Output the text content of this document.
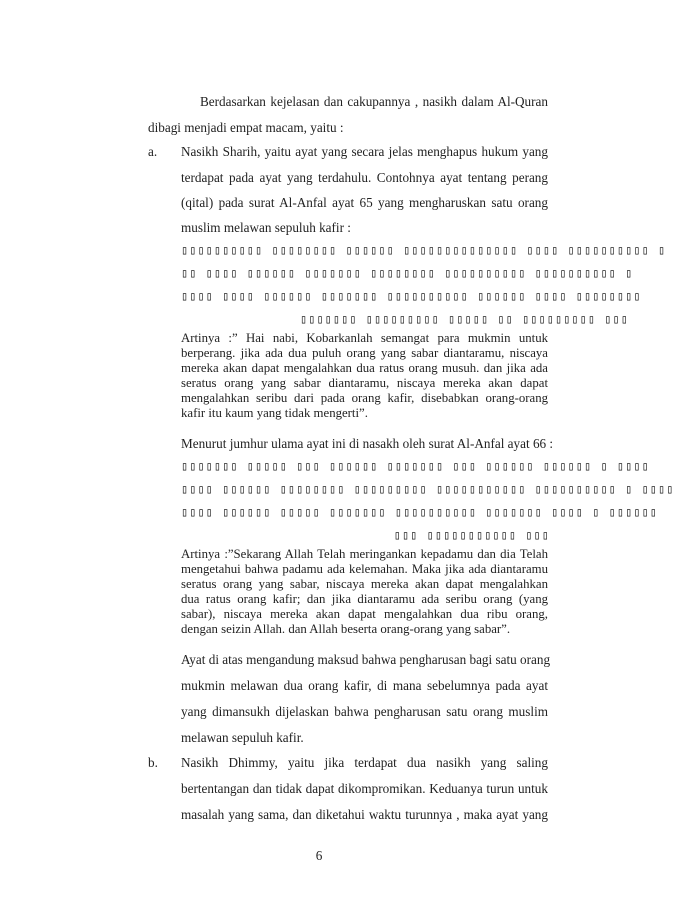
Berdasarkan kejelasan dan cakupannya , nasikh dalam Al-Quran
dibagi menjadi empat macam, yaitu :
a. Nasikh Sharih, yaitu ayat yang secara jelas menghapus hukum yang
terdapat pada ayat yang terdahulu. Contohnya ayat tentang perang
(qital) pada surat Al-Anfal ayat 65 yang mengharuskan satu orang
muslim melawan sepuluh kafir :
▯▯▯▯▯▯▯▯▯▯ ▯▯▯▯▯▯▯▯ ▯▯▯▯▯▯ ▯▯▯▯▯▯▯▯▯▯▯▯▯▯ ▯▯▯▯ ▯▯▯▯▯▯▯▯▯▯ ▯
▯▯ ▯▯▯▯ ▯▯▯▯▯▯ ▯▯▯▯▯▯▯ ▯▯▯▯▯▯▯▯ ▯▯▯▯▯▯▯▯▯▯ ▯▯▯▯▯▯▯▯▯▯ ▯
▯▯▯▯ ▯▯▯▯ ▯▯▯▯▯▯ ▯▯▯▯▯▯▯ ▯▯▯▯▯▯▯▯▯▯ ▯▯▯▯▯▯ ▯▯▯▯ ▯▯▯▯▯▯▯▯
▯▯▯▯▯▯▯ ▯▯▯▯▯▯▯▯▯ ▯▯▯▯▯ ▯▯ ▯▯▯▯▯▯▯▯▯ ▯▯▯
Artinya :” Hai nabi, Kobarkanlah semangat para mukmin untuk
berperang. jika ada dua puluh orang yang sabar diantaramu, niscaya
mereka akan dapat mengalahkan dua ratus orang musuh. dan jika ada
seratus orang yang sabar diantaramu, niscaya mereka akan dapat
mengalahkan seribu dari pada orang kafir, disebabkan orang-orang
kafir itu kaum yang tidak mengerti”.
Menurut jumhur ulama ayat ini di nasakh oleh surat Al-Anfal ayat 66 :
▯▯▯▯▯▯▯ ▯▯▯▯▯ ▯▯▯ ▯▯▯▯▯▯ ▯▯▯▯▯▯▯ ▯▯▯ ▯▯▯▯▯▯ ▯▯▯▯▯▯ ▯ ▯▯▯▯
▯▯▯▯ ▯▯▯▯▯▯ ▯▯▯▯▯▯▯▯ ▯▯▯▯▯▯▯▯▯ ▯▯▯▯▯▯▯▯▯▯▯ ▯▯▯▯▯▯▯▯▯▯ ▯ ▯▯▯▯
▯▯▯▯ ▯▯▯▯▯▯ ▯▯▯▯▯ ▯▯▯▯▯▯▯ ▯▯▯▯▯▯▯▯▯▯ ▯▯▯▯▯▯▯ ▯▯▯▯ ▯ ▯▯▯▯▯▯
▯▯▯ ▯▯▯▯▯▯▯▯▯▯▯ ▯▯▯
Artinya :”Sekarang Allah Telah meringankan kepadamu dan dia Telah
mengetahui bahwa padamu ada kelemahan. Maka jika ada diantaramu
seratus orang yang sabar, niscaya mereka akan dapat mengalahkan
dua ratus orang kafir; dan jika diantaramu ada seribu orang (yang
sabar), niscaya mereka akan dapat mengalahkan dua ribu orang,
dengan seizin Allah. dan Allah beserta orang-orang yang sabar”.
Ayat di atas mengandung maksud bahwa pengharusan bagi satu orang
mukmin melawan dua orang kafir, di mana sebelumnya pada ayat
yang dimansukh dijelaskan bahwa pengharusan satu orang muslim
melawan sepuluh kafir.
b. Nasikh Dhimmy, yaitu jika terdapat dua nasikh yang saling
bertentangan dan tidak dapat dikompromikan. Keduanya turun untuk
masalah yang sama, dan diketahui waktu turunnya , maka ayat yang
6
